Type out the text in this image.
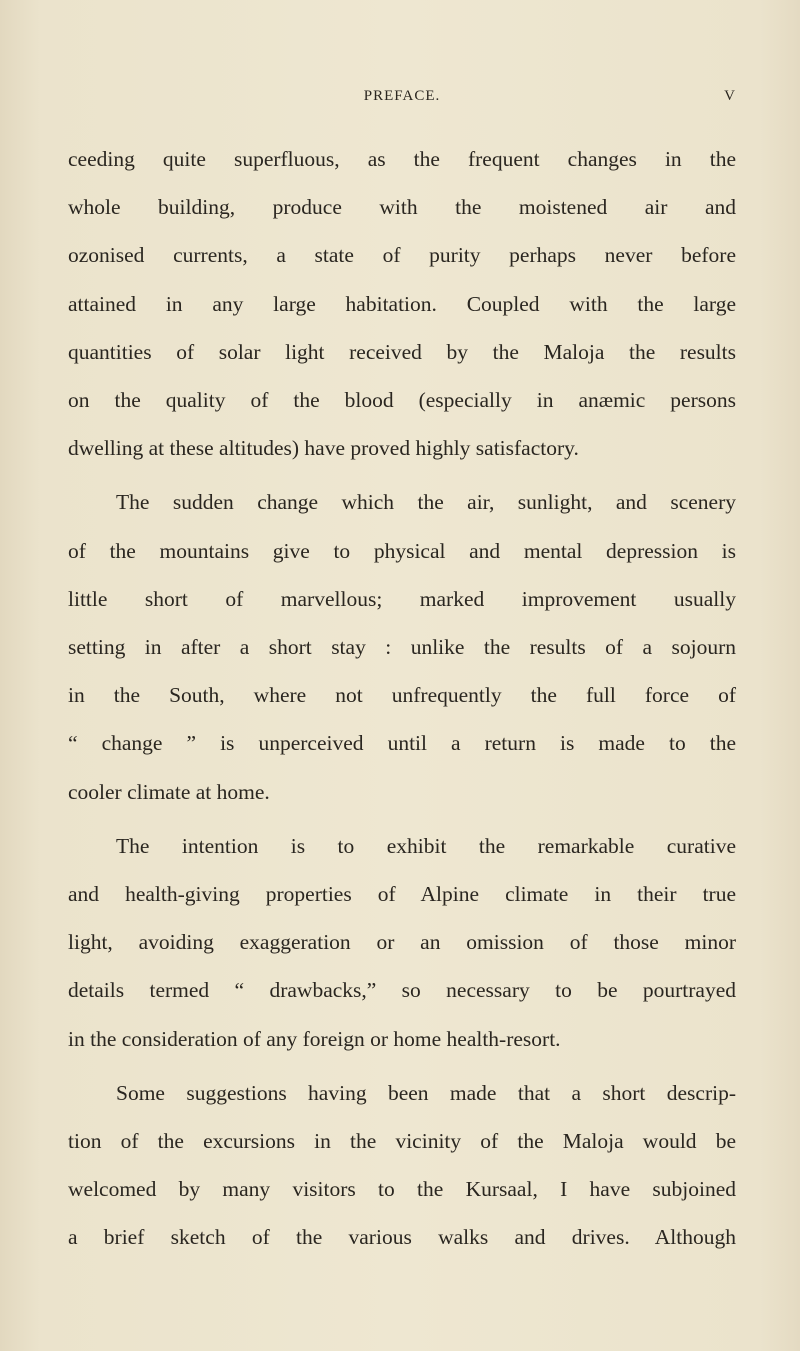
PREFACE.	V
ceeding quite superfluous, as the frequent changes in the
whole building, produce with the moistened air and
ozonised currents, a state of purity perhaps never before
attained in any large habitation. Coupled with the large
quantities of solar light received by the Maloja the results
on the quality of the blood (especially in anæmic persons
dwelling at these altitudes) have proved highly satisfactory.
The sudden change which the air, sunlight, and scenery
of the mountains give to physical and mental depression is
little short of marvellous; marked improvement usually
setting in after a short stay : unlike the results of a sojourn
in the South, where not unfrequently the full force of
“ change ” is unperceived until a return is made to the
cooler climate at home.
The intention is to exhibit the remarkable curative
and health-giving properties of Alpine climate in their true
light, avoiding exaggeration or an omission of those minor
details termed “ drawbacks,” so necessary to be pourtrayed
in the consideration of any foreign or home health-resort.
Some suggestions having been made that a short descrip-
tion of the excursions in the vicinity of the Maloja would be
welcomed by many visitors to the Kursaal, I have subjoined
a brief sketch of the various walks and drives. Although
